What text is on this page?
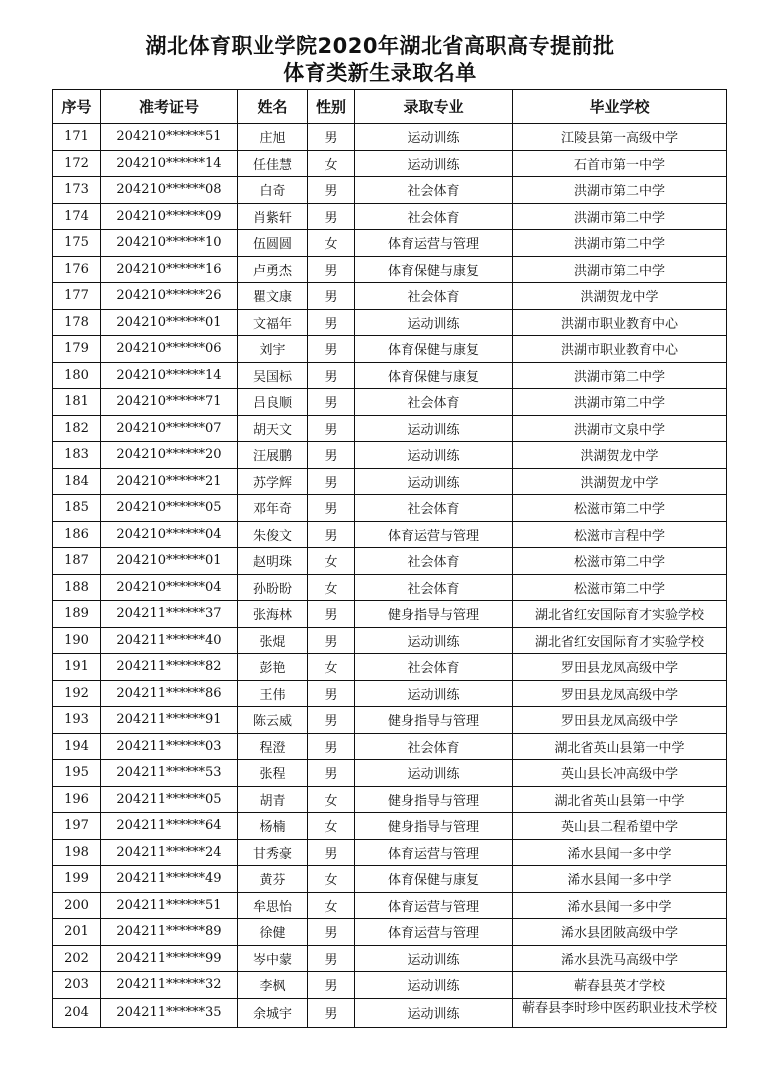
湖北体育职业学院2020年湖北省高职高专提前批
体育类新生录取名单
序号	准考证号	姓名	性别	录取专业	毕业学校
171	204210******51	庄旭	男	运动训练	江陵县第一高级中学
172	204210******14	任佳慧	女	运动训练	石首市第一中学
173	204210******08	白奇	男	社会体育	洪湖市第二中学
174	204210******09	肖紫轩	男	社会体育	洪湖市第二中学
175	204210******10	伍圆圆	女	体育运营与管理	洪湖市第二中学
176	204210******16	卢勇杰	男	体育保健与康复	洪湖市第二中学
177	204210******26	瞿文康	男	社会体育	洪湖贺龙中学
178	204210******01	文福年	男	运动训练	洪湖市职业教育中心
179	204210******06	刘宇	男	体育保健与康复	洪湖市职业教育中心
180	204210******14	吴国标	男	体育保健与康复	洪湖市第二中学
181	204210******71	吕良顺	男	社会体育	洪湖市第二中学
182	204210******07	胡天文	男	运动训练	洪湖市文泉中学
183	204210******20	汪展鹏	男	运动训练	洪湖贺龙中学
184	204210******21	苏学辉	男	运动训练	洪湖贺龙中学
185	204210******05	邓年奇	男	社会体育	松滋市第二中学
186	204210******04	朱俊文	男	体育运营与管理	松滋市言程中学
187	204210******01	赵明珠	女	社会体育	松滋市第二中学
188	204210******04	孙盼盼	女	社会体育	松滋市第二中学
189	204211******37	张海林	男	健身指导与管理	湖北省红安国际育才实验学校
190	204211******40	张焜	男	运动训练	湖北省红安国际育才实验学校
191	204211******82	彭艳	女	社会体育	罗田县龙凤高级中学
192	204211******86	王伟	男	运动训练	罗田县龙凤高级中学
193	204211******91	陈云威	男	健身指导与管理	罗田县龙凤高级中学
194	204211******03	程澄	男	社会体育	湖北省英山县第一中学
195	204211******53	张程	男	运动训练	英山县长冲高级中学
196	204211******05	胡青	女	健身指导与管理	湖北省英山县第一中学
197	204211******64	杨楠	女	健身指导与管理	英山县二程希望中学
198	204211******24	甘秀豪	男	体育运营与管理	浠水县闻一多中学
199	204211******49	黄芬	女	体育保健与康复	浠水县闻一多中学
200	204211******51	牟思怡	女	体育运营与管理	浠水县闻一多中学
201	204211******89	徐健	男	体育运营与管理	浠水县团陂高级中学
202	204211******99	岑中蒙	男	运动训练	浠水县洗马高级中学
203	204211******32	李枫	男	运动训练	蕲春县英才学校
204	204211******35	余城宇	男	运动训练	蕲春县李时珍中医药职业技术学校
